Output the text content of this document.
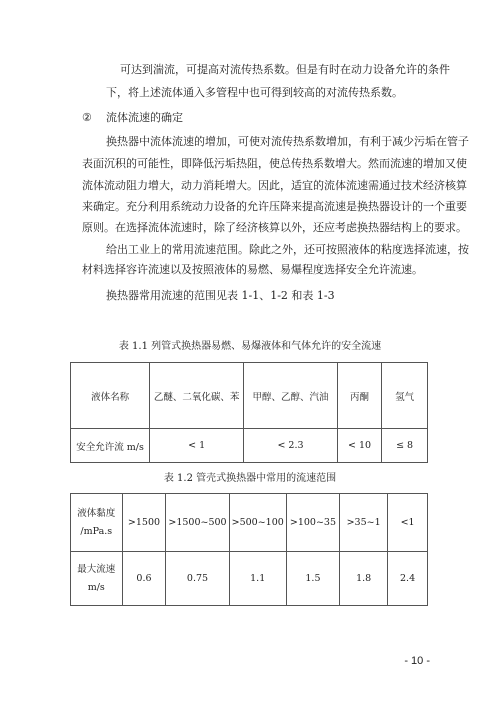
可达到湍流，可提高对流传热系数。但是有时在动力设备允许的条件
下，将上述流体通入多管程中也可得到较高的对流传热系数。
② 流体流速的确定
换热器中流体流速的增加，可使对流传热系数增加，有利于减少污垢在管子
表面沉积的可能性，即降低污垢热阻，使总传热系数增大。然而流速的增加又使
流体流动阻力增大，动力消耗增大。因此，适宜的流体流速需通过技术经济核算
来确定。充分利用系统动力设备的允许压降来提高流速是换热器设计的一个重要
原则。在选择流体流速时，除了经济核算以外，还应考虑换热器结构上的要求。
给出工业上的常用流速范围。除此之外，还可按照液体的粘度选择流速，按
材料选择容许流速以及按照液体的易燃、易爆程度选择安全允许流速。
换热器常用流速的范围见表 1-1、1-2 和表 1-3
表 1.1 列管式换热器易燃、易爆液体和气体允许的安全流速
液体名称	乙醚、二氧化碳、苯	甲醇、乙醇、汽油	丙酮	氢气
安全允许流 m/s	< 1	< 2.3	< 10	≤ 8
表 1.2 管壳式换热器中常用的流速范围
液体黏度
/mPa.s	>1500	>1500~500	>500~100	>100~35	>35~1	<1

最大流速
m/s	0.6	0.75	1.1	1.5	1.8	2.4
- 10 -
